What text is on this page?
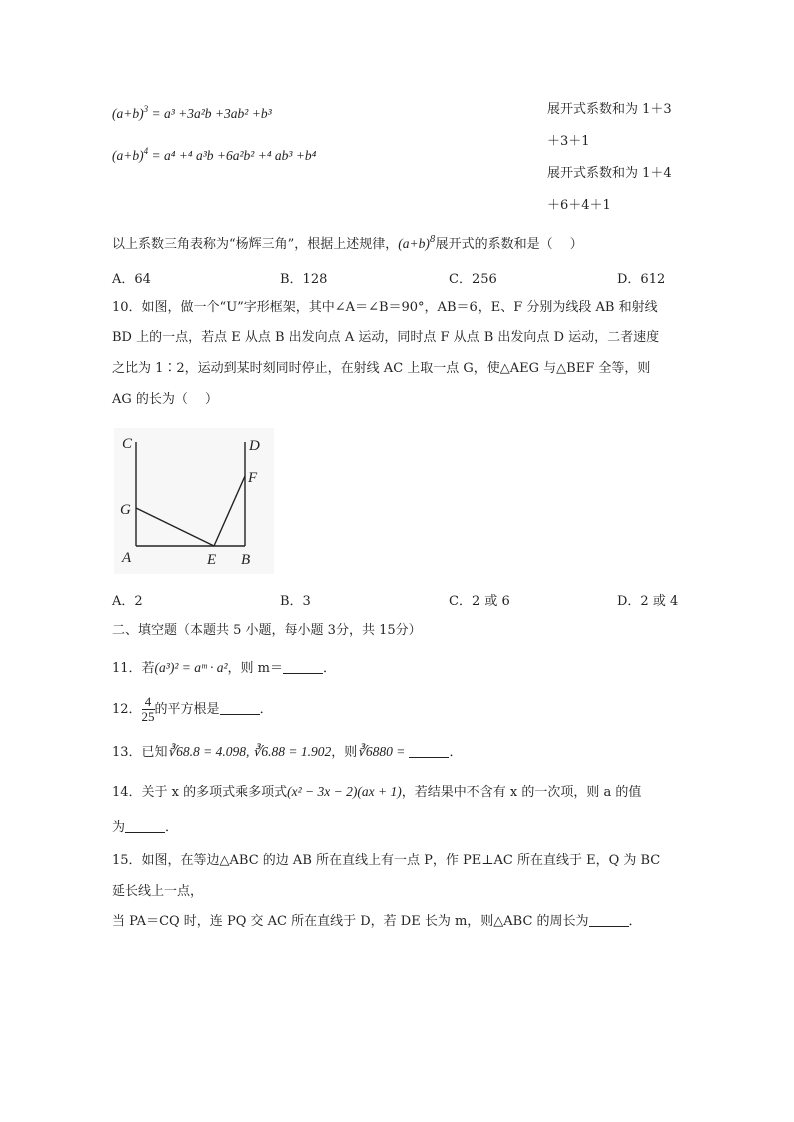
$(a+b)^3 = a^3 +3a^2b +3ab^2 +b^3$	展开式系数和为 1＋3
＋3＋1
$(a+b)^4 = a^4 +^4$ a³b +6a²b² +⁴ ab³ +b⁴
展开式系数和为 1＋4
＋6＋4＋1
以上系数三角表称为“杨辉三角”，根据上述规律，$(a+b)^8$展开式的系数和是（　 ）
A．64	B．128	C．256	D．612
10．如图，做一个“U”字形框架，其中∠A＝∠B＝90°，AB＝6，E、F 分别为线段 AB 和射线
BD 上的一点，若点 E 从点 B 出发向点 A 运动，同时点 F 从点 B 出发向点 D 运动，二者速度
之比为 1∶2，运动到某时刻同时停止，在射线 AC 上取一点 G，使△AEG 与△BEF 全等，则
AG 的长为（　 ）
C	D
F
G
A	E B
A．2	B．3	C．2 或 6	D．2 或 4
二、填空题（本题共 5 小题，每小题 3分，共 15分）
11．若(a³)² = aᵐ · a²，则 m＝	．
12． $\frac{4}{25}$ 的平方根是	．
13．已知∛68.8 = 4.098, ∛6.88 = 1.902，则∛6880 =	．
14．关于 x 的多项式乘多项式(x² − 3x − 2)(ax + 1)，若结果中不含有 x 的一次项，则 a 的值
为	．
15．如图，在等边△ABC 的边 AB 所在直线上有一点 P，作 PE⊥AC 所在直线于 E，Q 为 BC
延长线上一点，
当 PA＝CQ 时，连 PQ 交 AC 所在直线于 D，若 DE 长为 m，则△ABC 的周长为	．
